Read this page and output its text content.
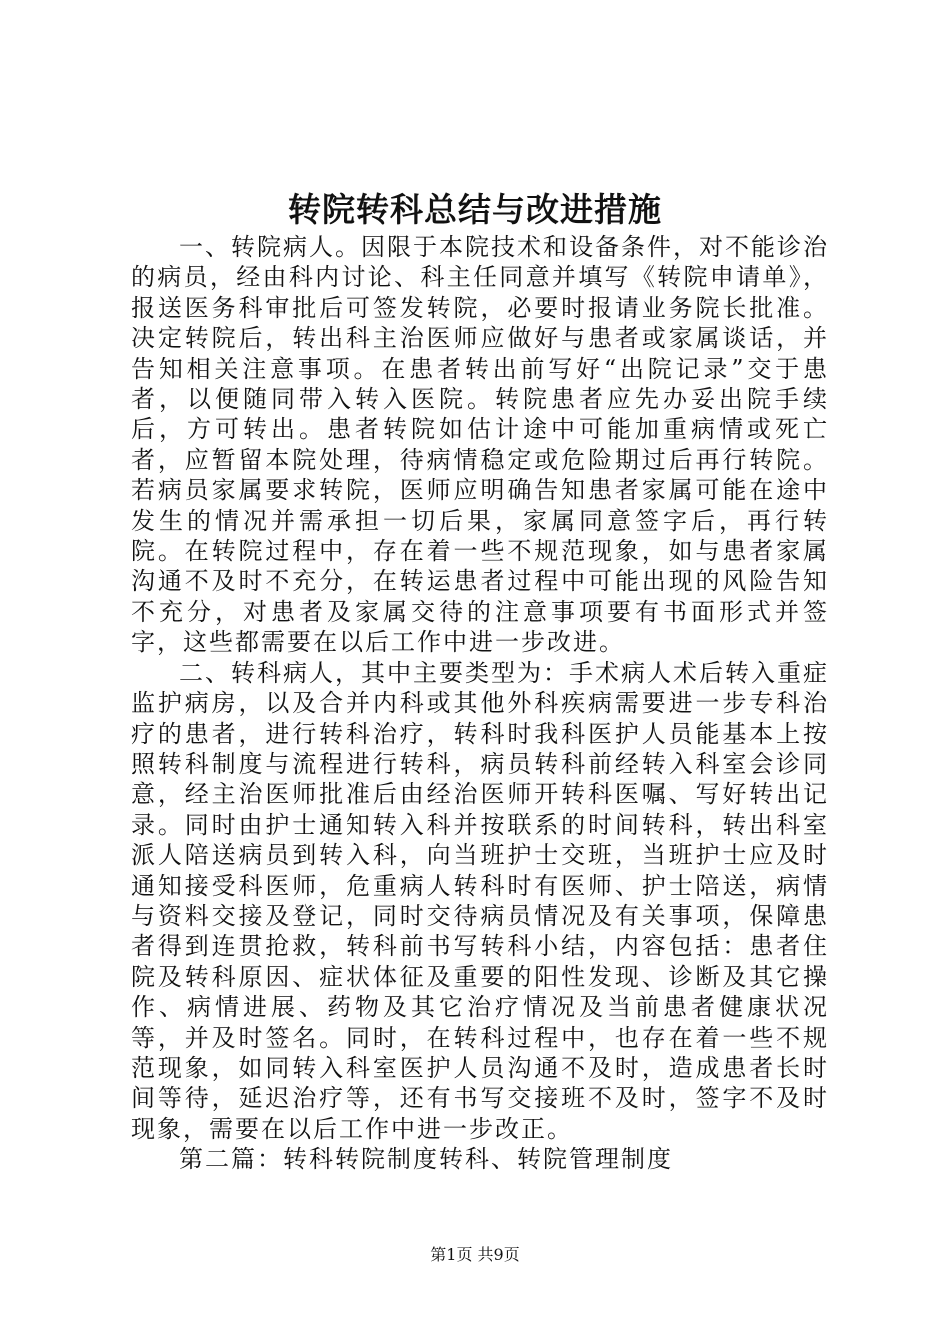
转院转科总结与改进措施

一、转院病人。因限于本院技术和设备条件，对不能诊治的病员，经由科内讨论、科主任同意并填写《转院申请单》，报送医务科审批后可签发转院，必要时报请业务院长批准。决定转院后，转出科主治医师应做好与患者或家属谈话，并告知相关注意事项。在患者转出前写好“出院记录”交于患者，以便随同带入转入医院。转院患者应先办妥出院手续后，方可转出。患者转院如估计途中可能加重病情或死亡者，应暂留本院处理，待病情稳定或危险期过后再行转院。若病员家属要求转院，医师应明确告知患者家属可能在途中发生的情况并需承担一切后果，家属同意签字后，再行转院。在转院过程中，存在着一些不规范现象，如与患者家属沟通不及时不充分，在转运患者过程中可能出现的风险告知不充分，对患者及家属交待的注意事项要有书面形式并签字，这些都需要在以后工作中进一步改进。

二、转科病人，其中主要类型为：手术病人术后转入重症监护病房，以及合并内科或其他外科疾病需要进一步专科治疗的患者，进行转科治疗，转科时我科医护人员能基本上按照转科制度与流程进行转科，病员转科前经转入科室会诊同意，经主治医师批准后由经治医师开转科医嘱、写好转出记录。同时由护士通知转入科并按联系的时间转科，转出科室派人陪送病员到转入科，向当班护士交班，当班护士应及时通知接受科医师，危重病人转科时有医师、护士陪送，病情与资料交接及登记，同时交待病员情况及有关事项，保障患者得到连贯抢救，转科前书写转科小结，内容包括：患者住院及转科原因、症状体征及重要的阳性发现、诊断及其它操作、病情进展、药物及其它治疗情况及当前患者健康状况等，并及时签名。同时，在转科过程中，也存在着一些不规范现象，如同转入科室医护人员沟通不及时，造成患者长时间等待，延迟治疗等，还有书写交接班不及时，签字不及时现象，需要在以后工作中进一步改正。

第二篇：转科转院制度转科、转院管理制度

第1页 共9页
